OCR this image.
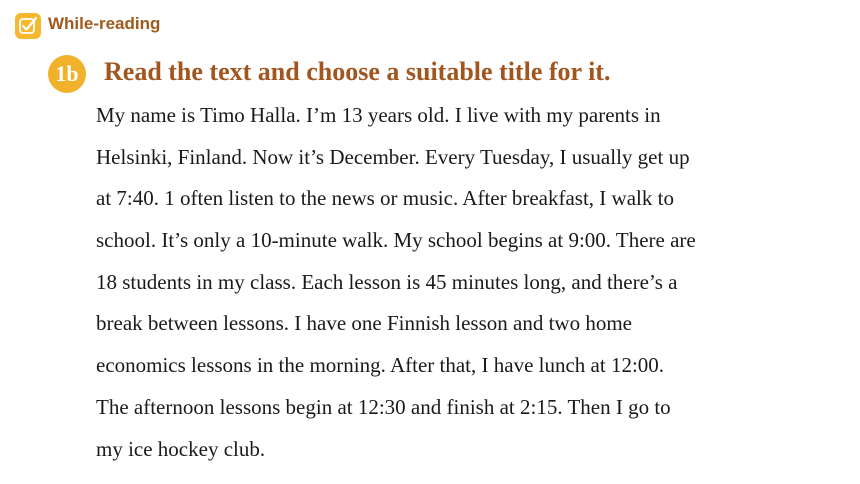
While-reading
1b Read the text and choose a suitable title for it.
My name is Timo Halla. I’m 13 years old. I live with my parents in
Helsinki, Finland. Now it’s December. Every Tuesday, I usually get up
at 7:40. 1 often listen to the news or music. After breakfast, I walk to
school. It’s only a 10-minute walk. My school begins at 9:00. There are
18 students in my class. Each lesson is 45 minutes long, and there’s a
break between lessons. I have one Finnish lesson and two home
economics lessons in the morning. After that, I have lunch at 12:00.
The afternoon lessons begin at 12:30 and finish at 2:15. Then I go to
my ice hockey club.
